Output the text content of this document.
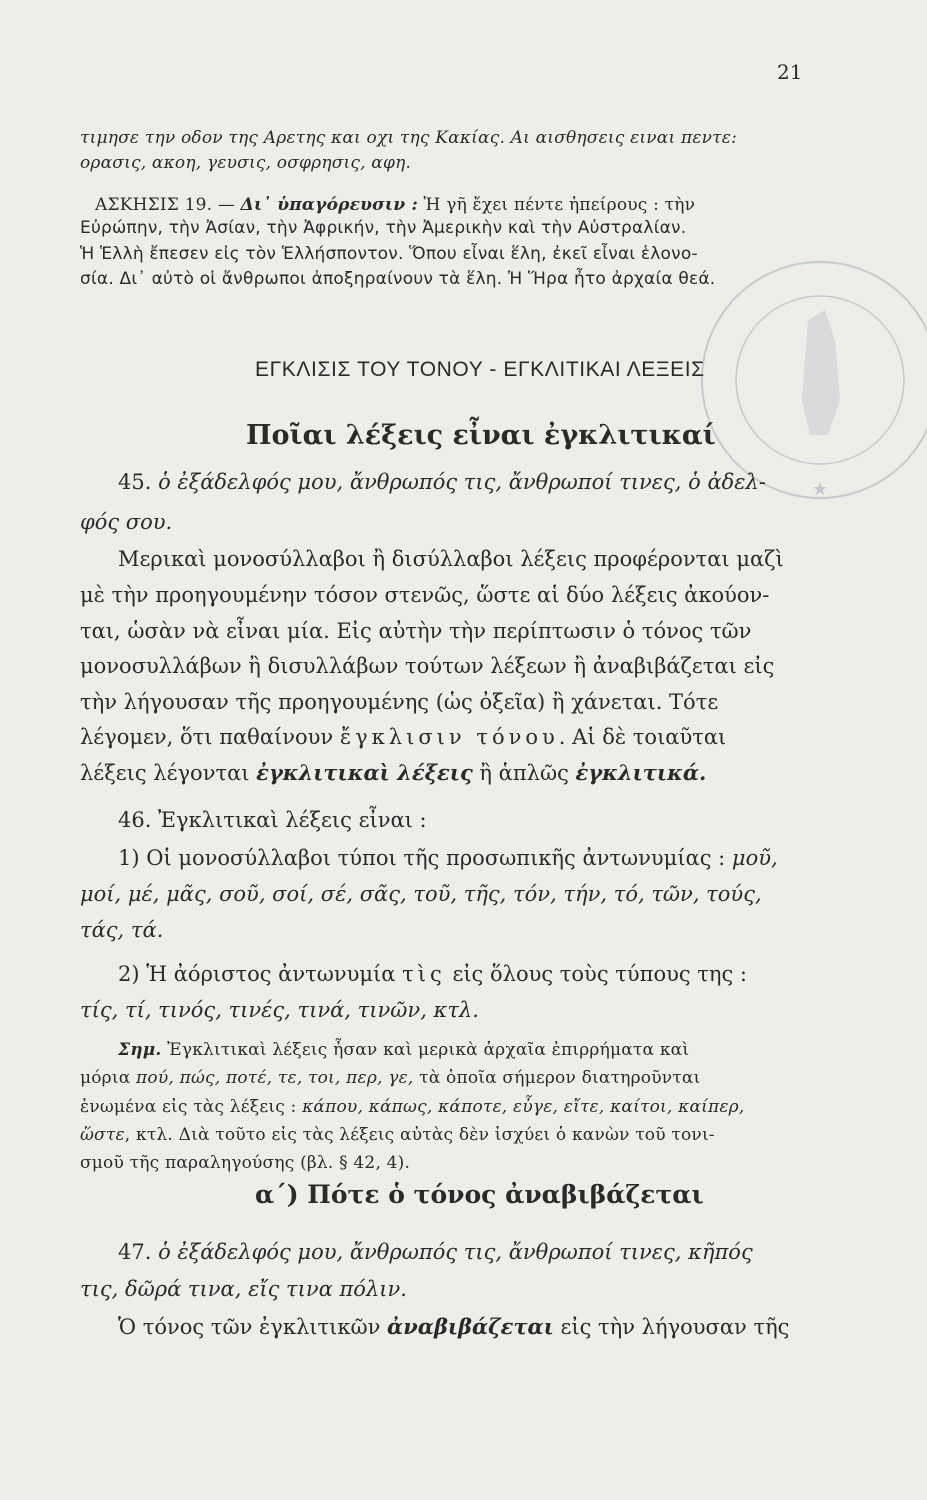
★
21
τιμησε την οδον της Αρετης και οχι της Κακίας. Αι αισθησεις ειναι πεντε:
ορασις, ακοη, γευσις, οσφρησις, αφη.
ΑΣΚΗΣΙΣ 19. — Δι᾽ ὑπαγόρευσιν : Ἡ γῆ ἔχει πέντε ἠπείρους : τὴν
Εὐρώπην, τὴν Ἀσίαν, τὴν Ἀφρικήν, τὴν Ἀμερικὴν καὶ τὴν Αὐστραλίαν.
Ἡ Ἑλλὴ ἔπεσεν εἰς τὸν Ἑλλήσποντον. Ὅπου εἶναι ἕλη, ἐκεῖ εἶναι ἑλονο-
σία. Δι᾽ αὐτὸ οἱ ἄνθρωποι ἀποξηραίνουν τὰ ἕλη. Ἡ Ἥρα ἦτο ἀρχαία θεά.
ΕΓΚΛΙΣΙΣ ΤΟΥ ΤΟΝΟΥ - ΕΓΚΛΙΤΙΚΑΙ ΛΕΞΕΙΣ
Ποῖαι λέξεις εἶναι ἐγκλιτικαί
45. ὁ ἐξάδελφός μου, ἄνθρωπός τις, ἄνθρωποί τινες, ὁ ἀδελ-
φός σου.
Μερικαὶ μονοσύλλαβοι ἢ δισύλλαβοι λέξεις προφέρονται μαζὶ
μὲ τὴν προηγουμένην τόσον στενῶς, ὥστε αἱ δύο λέξεις ἀκούον-
ται, ὡσὰν νὰ εἶναι μία. Εἰς αὐτὴν τὴν περίπτωσιν ὁ τόνος τῶν
μονοσυλλάβων ἢ δισυλλάβων τούτων λέξεων ἢ ἀναβιβάζεται εἰς
τὴν λήγουσαν τῆς προηγουμένης (ὡς ὀξεῖα) ἢ χάνεται. Τότε
λέγομεν, ὅτι παθαίνουν ἔγκλισιν τόνου. Αἱ δὲ τοιαῦται
λέξεις λέγονται ἐγκλιτικαὶ λέξεις ἢ ἁπλῶς ἐγκλιτικά.
46. Ἐγκλιτικαὶ λέξεις εἶναι :
1) Οἱ μονοσύλλαβοι τύποι τῆς προσωπικῆς ἀντωνυμίας : μοῦ,
μοί, μέ, μᾶς, σοῦ, σοί, σέ, σᾶς, τοῦ, τῆς, τόν, τήν, τό, τῶν, τούς,
τάς, τά.
2) Ἡ ἀόριστος ἀντωνυμία τὶς εἰς ὅλους τοὺς τύπους της :
τίς, τί, τινός, τινές, τινά, τινῶν, κτλ.
Σημ. Ἐγκλιτικαὶ λέξεις ἦσαν καὶ μερικὰ ἀρχαῖα ἐπιρρήματα καὶ
μόρια πού, πώς, ποτέ, τε, τοι, περ, γε, τὰ ὁποῖα σήμερον διατηροῦνται
ἑνωμένα εἰς τὰς λέξεις : κάπου, κάπως, κάποτε, εὖγε, εἴτε, καίτοι, καίπερ,
ὥστε, κτλ. Διὰ τοῦτο εἰς τὰς λέξεις αὐτὰς δὲν ἰσχύει ὁ κανὼν τοῦ τονι-
σμοῦ τῆς παραληγούσης (βλ. § 42, 4).
α΄) Πότε ὁ τόνος ἀναβιβάζεται
47. ὁ ἐξάδελφός μου, ἄνθρωπός τις, ἄνθρωποί τινες, κῆπός
τις, δῶρά τινα, εἴς τινα πόλιν.
Ὁ τόνος τῶν ἐγκλιτικῶν ἀναβιβάζεται εἰς τὴν λήγουσαν τῆς
